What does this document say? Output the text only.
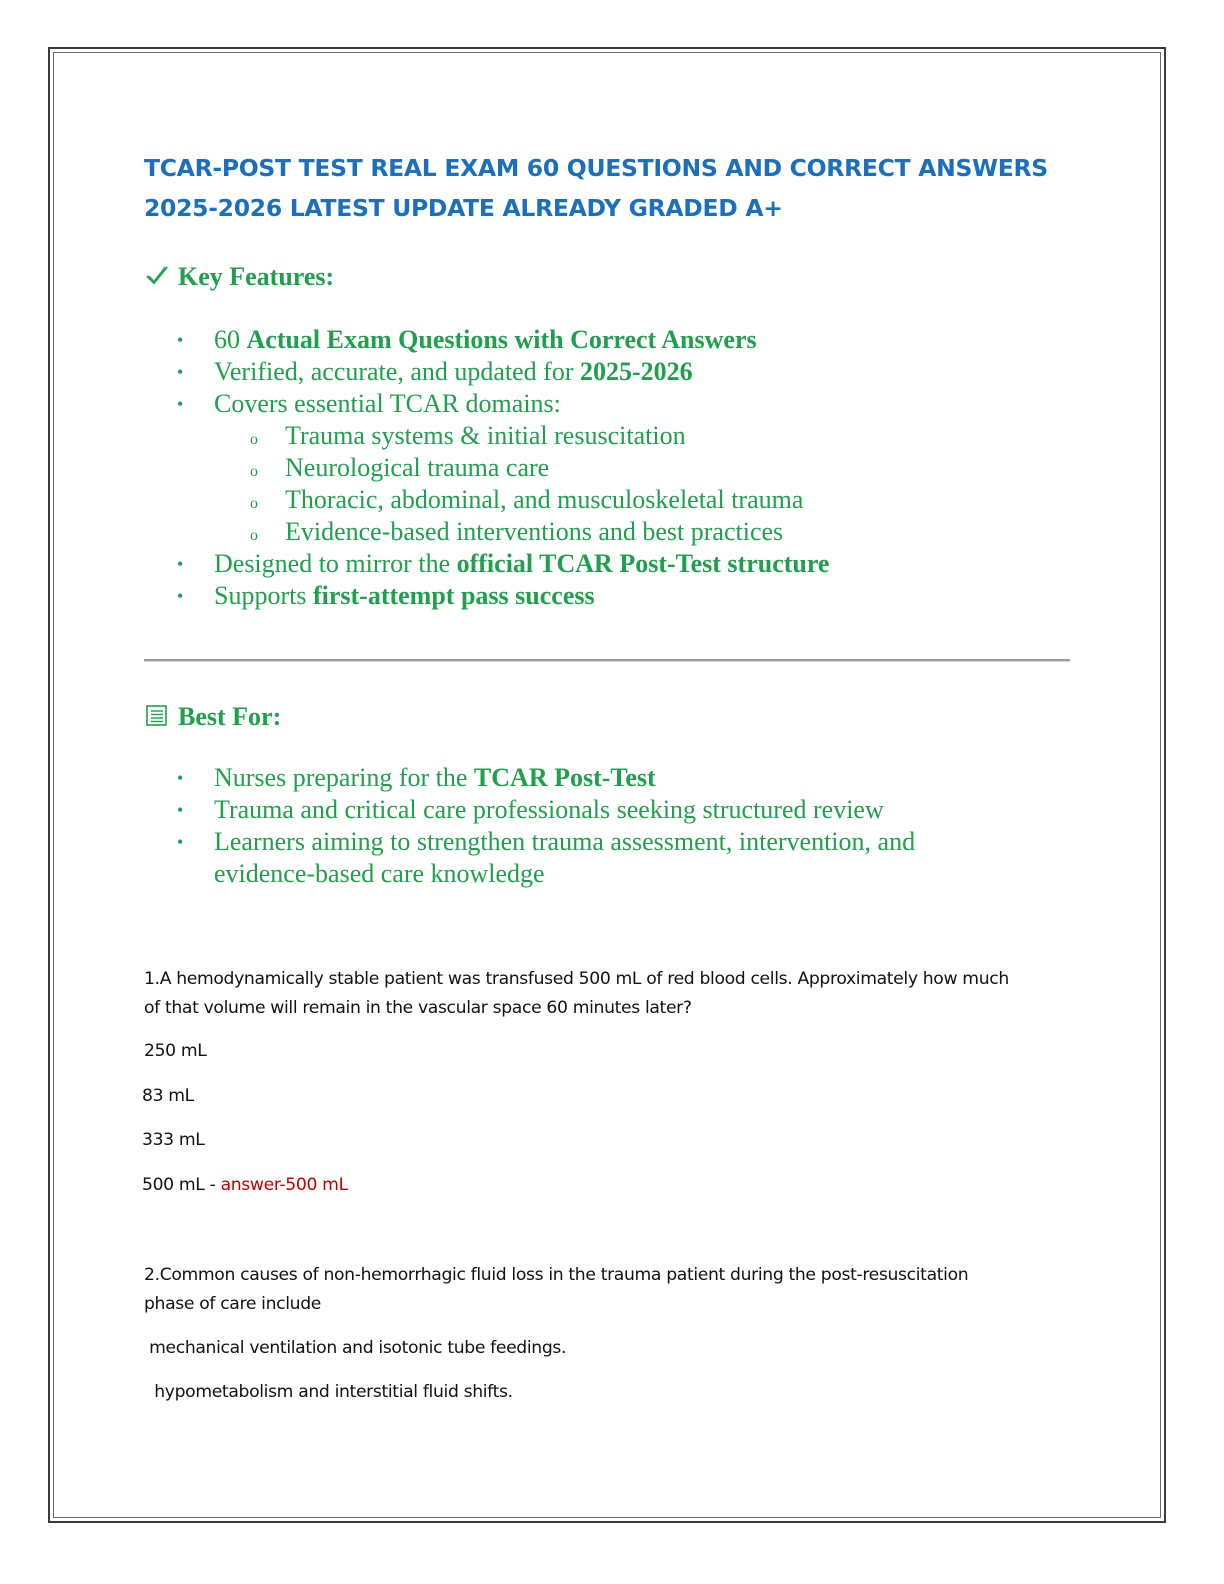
TCAR-POST TEST REAL EXAM 60 QUESTIONS AND CORRECT ANSWERS
2025-2026 LATEST UPDATE ALREADY GRADED A+
Key Features:
• 60 Actual Exam Questions with Correct Answers
• Verified, accurate, and updated for 2025-2026
• Covers essential TCAR domains:
o Trauma systems & initial resuscitation
o Neurological trauma care
o Thoracic, abdominal, and musculoskeletal trauma
o Evidence-based interventions and best practices
• Designed to mirror the official TCAR Post-Test structure
• Supports first-attempt pass success
Best For:
• Nurses preparing for the TCAR Post-Test
• Trauma and critical care professionals seeking structured review
• Learners aiming to strengthen trauma assessment, intervention, and
evidence-based care knowledge
1.A hemodynamically stable patient was transfused 500 mL of red blood cells. Approximately how much
of that volume will remain in the vascular space 60 minutes later?
250 mL
83 mL
333 mL
500 mL - answer-500 mL
2.Common causes of non-hemorrhagic fluid loss in the trauma patient during the post-resuscitation
phase of care include
mechanical ventilation and isotonic tube feedings.
hypometabolism and interstitial fluid shifts.
